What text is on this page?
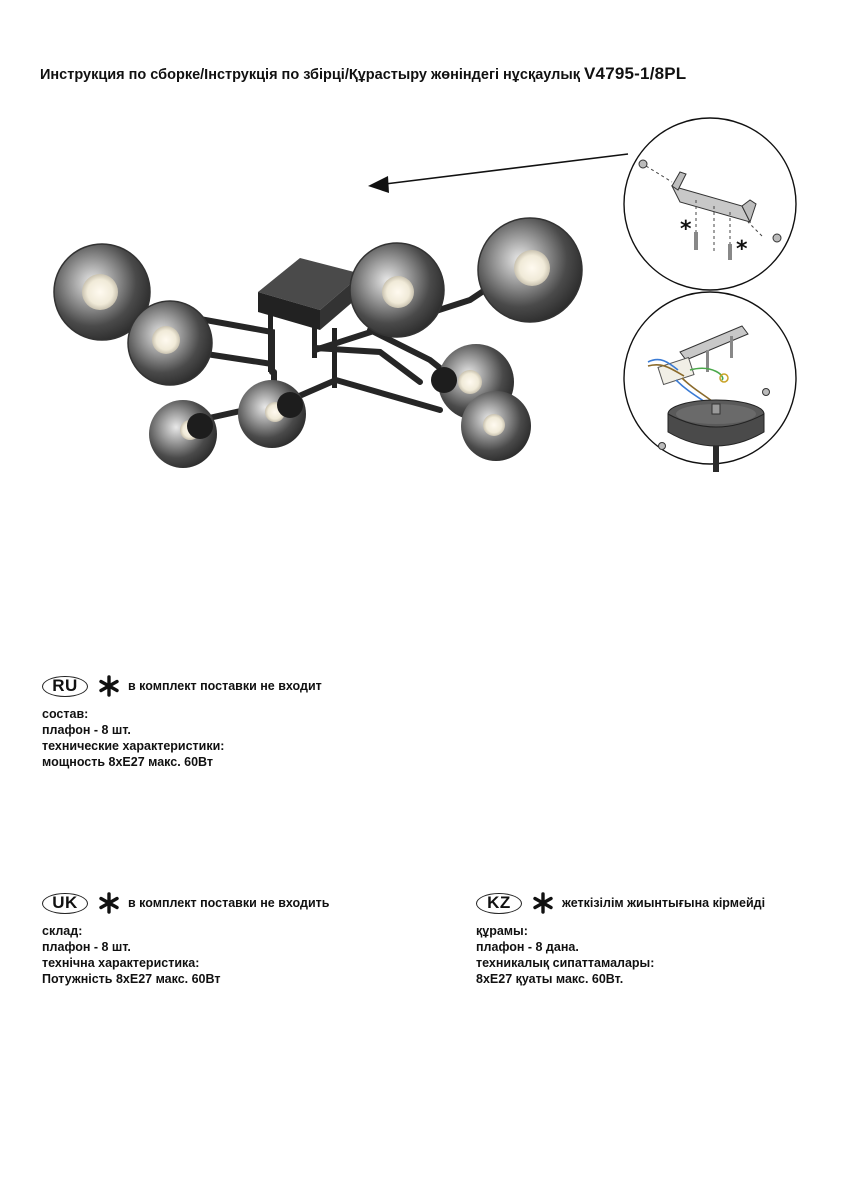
Инструкция по сборке/Інструкція по збірці/Құрастыру жөніндегі нұсқаулық V4795-1/8PL
*
*
RU	в комплект поставки не входит
состав:
плафон - 8 шт.
технические характеристики:
мощность 8xE27 макс. 60Вт
UK	в комплект поставки не входить
склад:
плафон - 8 шт.
технічна характеристика:
Потужність 8xE27 макс. 60Вт
KZ	жеткізілім жиынтығына кірмейді
құрамы:
плафон - 8 дана.
техникалық сипаттамалары:
8xE27 қуаты макс. 60Вт.
